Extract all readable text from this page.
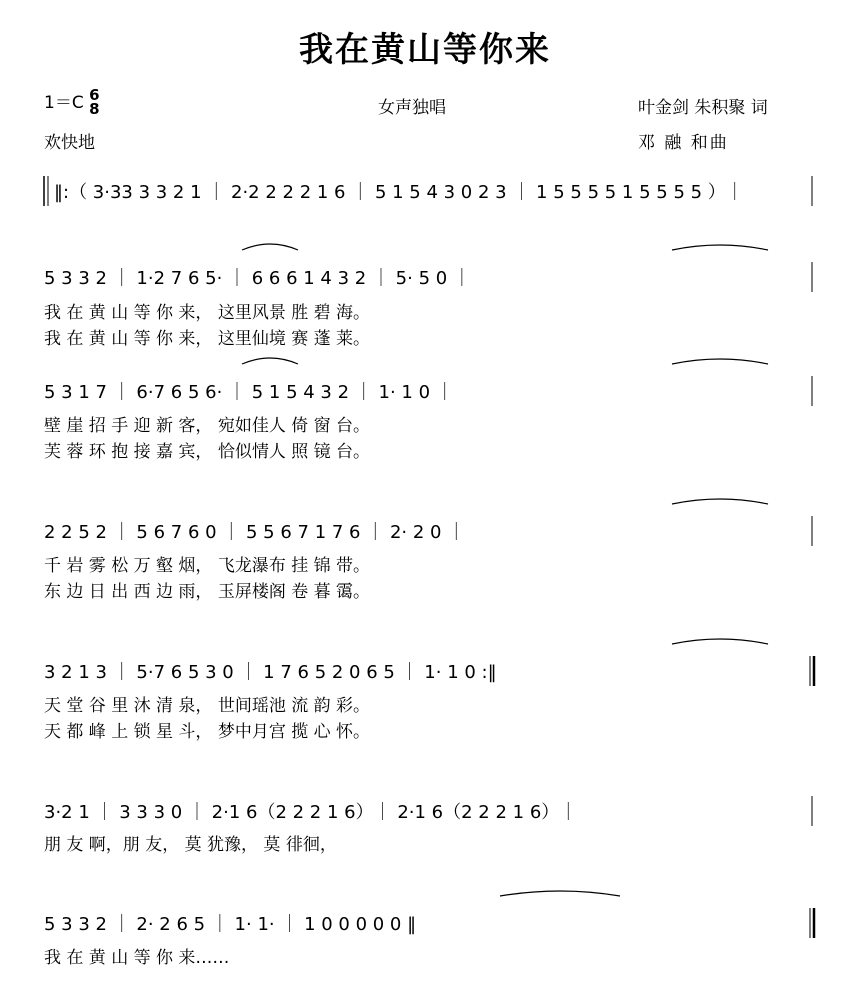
我在黄山等你来
1＝C 6
8	女声独唱	叶金剑 朱积聚 词
欢快地	邓 融 和曲
‖:（ 3·33 3 3 2 1 ｜ 2·2 2 2 2 1 6 ｜ 5 1 5 4 3 0 2 3 ｜ 1 5 5 5 5 1 5 5 5 5 ）｜
5 3 3 2 ｜ 1·2 7 6 5· ｜ 6 6 6 1 4 3 2 ｜ 5· 5 0 ｜
我 在 黄 山 等 你 来， 这里风景 胜 碧 海。
我 在 黄 山 等 你 来， 这里仙境 赛 蓬 莱。
5 3 1 7 ｜ 6·7 6 5 6· ｜ 5 1 5 4 3 2 ｜ 1· 1 0 ｜
壁 崖 招 手 迎 新 客， 宛如佳人 倚 窗 台。
芙 蓉 环 抱 接 嘉 宾， 恰似情人 照 镜 台。
2 2 5 2 ｜ 5 6 7 6 0 ｜ 5 5 6 7 1 7 6 ｜ 2· 2 0 ｜
千 岩 雾 松 万 壑 烟， 飞龙瀑布 挂 锦 带。
东 边 日 出 西 边 雨， 玉屏楼阁 卷 暮 霭。
3 2 1 3 ｜ 5·7 6 5 3 0 ｜ 1 7 6 5 2 0 6 5 ｜ 1· 1 0 :‖
天 堂 谷 里 沐 清 泉， 世间瑶池 流 韵 彩。
天 都 峰 上 锁 星 斗， 梦中月宫 揽 心 怀。
3·2 1 ｜ 3 3 3 0 ｜ 2·1 6（2 2 2 1 6）｜ 2·1 6（2 2 2 1 6）｜
朋 友 啊，朋 友， 莫 犹豫， 莫 徘徊，
5 3 3 2 ｜ 2· 2 6 5 ｜ 1· 1· ｜ 1 0 0 0 0 0 ‖
我 在 黄 山 等 你 来……
